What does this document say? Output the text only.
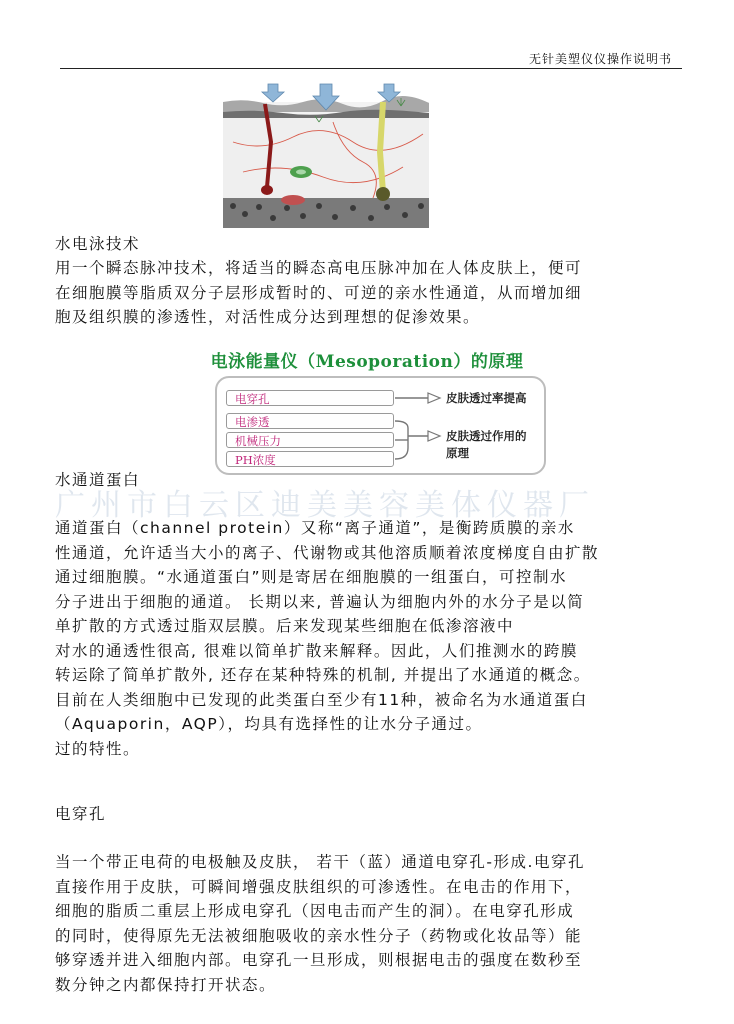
无针美塑仪仪操作说明书
水电泳技术
用一个瞬态脉冲技术，将适当的瞬态高电压脉冲加在人体皮肤上，便可
在细胞膜等脂质双分子层形成暂时的、可逆的亲水性通道，从而增加细
胞及组织膜的渗透性，对活性成分达到理想的促渗效果。
电泳能量仪（Mesoporation）的原理
电穿孔
电渗透
机械压力
PH浓度
皮肤透过率提高
皮肤透过作用的
原理
广州市白云区迪美美容美体仪器厂
水通道蛋白
通道蛋白（channel protein）又称“离子通道”，是衡跨质膜的亲水
性通道，允许适当大小的离子、代谢物或其他溶质顺着浓度梯度自由扩散
通过细胞膜。“水通道蛋白”则是寄居在细胞膜的一组蛋白，可控制水
分子进出于细胞的通道。 长期以来, 普遍认为细胞内外的水分子是以简
单扩散的方式透过脂双层膜。后来发现某些细胞在低渗溶液中
对水的通透性很高, 很难以简单扩散来解释。因此，人们推测水的跨膜
转运除了简单扩散外, 还存在某种特殊的机制, 并提出了水通道的概念。
目前在人类细胞中已发现的此类蛋白至少有11种，被命名为水通道蛋白
（Aquaporin，AQP），均具有选择性的让水分子通过。
过的特性。
电穿孔
当一个带正电荷的电极触及皮肤， 若干（蓝）通道电穿孔-形成.电穿孔
直接作用于皮肤，可瞬间增强皮肤组织的可渗透性。在电击的作用下，
细胞的脂质二重层上形成电穿孔（因电击而产生的洞）。在电穿孔形成
的同时，使得原先无法被细胞吸收的亲水性分子（药物或化妆品等）能
够穿透并进入细胞内部。电穿孔一旦形成，则根据电击的强度在数秒至
数分钟之内都保持打开状态。
